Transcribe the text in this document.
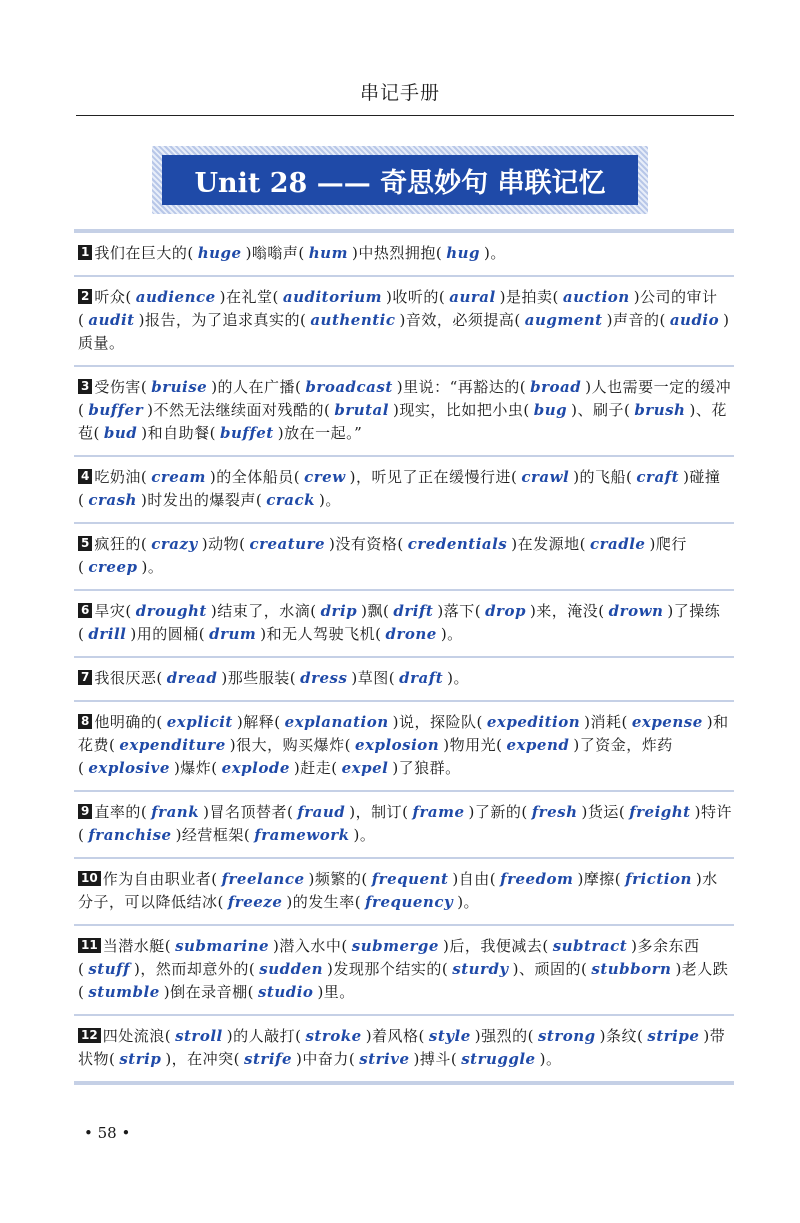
串记手册
Unit 28 —— 奇思妙句 串联记忆
1 我们在巨大的( huge )嗡嗡声( hum )中热烈拥抱( hug )。
2 听众( audience )在礼堂( auditorium )收听的( aural )是拍卖( auction )公司的审计( audit )报告，为了追求真实的( authentic )音效，必须提高( augment )声音的( audio )质量。
3 受伤害( bruise )的人在广播( broadcast )里说：“再豁达的( broad )人也需要一定的缓冲( buffer )不然无法继续面对残酷的( brutal )现实，比如把小虫( bug )、刷子( brush )、花苞( bud )和自助餐( buffet )放在一起。”
4 吃奶油( cream )的全体船员( crew )，听见了正在缓慢行进( crawl )的飞船( craft )碰撞( crash )时发出的爆裂声( crack )。
5 疯狂的( crazy )动物( creature )没有资格( credentials )在发源地( cradle )爬行( creep )。
6 旱灾( drought )结束了，水滴( drip )飘( drift )落下( drop )来，淹没( drown )了操练( drill )用的圆桶( drum )和无人驾驶飞机( drone )。
7 我很厌恶( dread )那些服装( dress )草图( draft )。
8 他明确的( explicit )解释( explanation )说，探险队( expedition )消耗( expense )和花费( expenditure )很大，购买爆炸( explosion )物用光( expend )了资金，炸药( explosive )爆炸( explode )赶走( expel )了狼群。
9 直率的( frank )冒名顶替者( fraud )，制订( frame )了新的( fresh )货运( freight )特许( franchise )经营框架( framework )。
10 作为自由职业者( freelance )频繁的( frequent )自由( freedom )摩擦( friction )水分子，可以降低结冰( freeze )的发生率( frequency )。
11 当潜水艇( submarine )潜入水中( submerge )后，我便减去( subtract )多余东西( stuff )，然而却意外的( sudden )发现那个结实的( sturdy )、顽固的( stubborn )老人跌( stumble )倒在录音棚( studio )里。
12 四处流浪( stroll )的人敲打( stroke )着风格( style )强烈的( strong )条纹( stripe )带状物( strip )，在冲突( strife )中奋力( strive )搏斗( struggle )。
• 58 •
